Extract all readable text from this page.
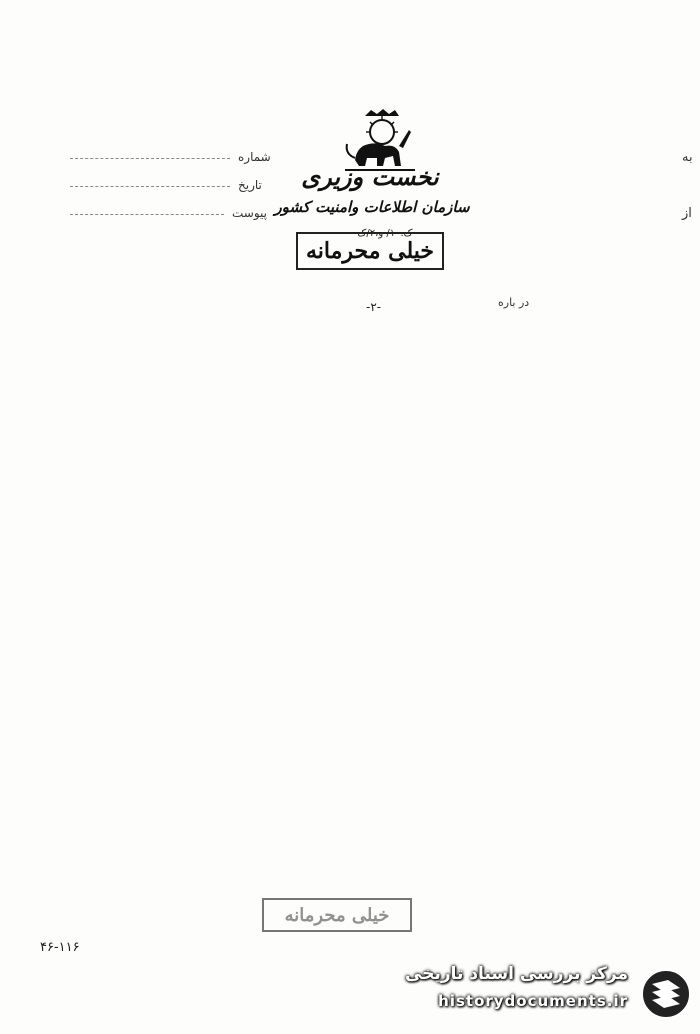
به
از
شماره
تاریخ
پیوست
نخست وزیری
سازمان اطلاعات وامنیت کشور
ک.۱۰/ و،۲/ک
خیلی محرمانه
در باره
-۲-
خیلی محرمانه
۴۶-۱۱۶
مرکز بررسی اسناد تاریخی
historydocuments.ir
